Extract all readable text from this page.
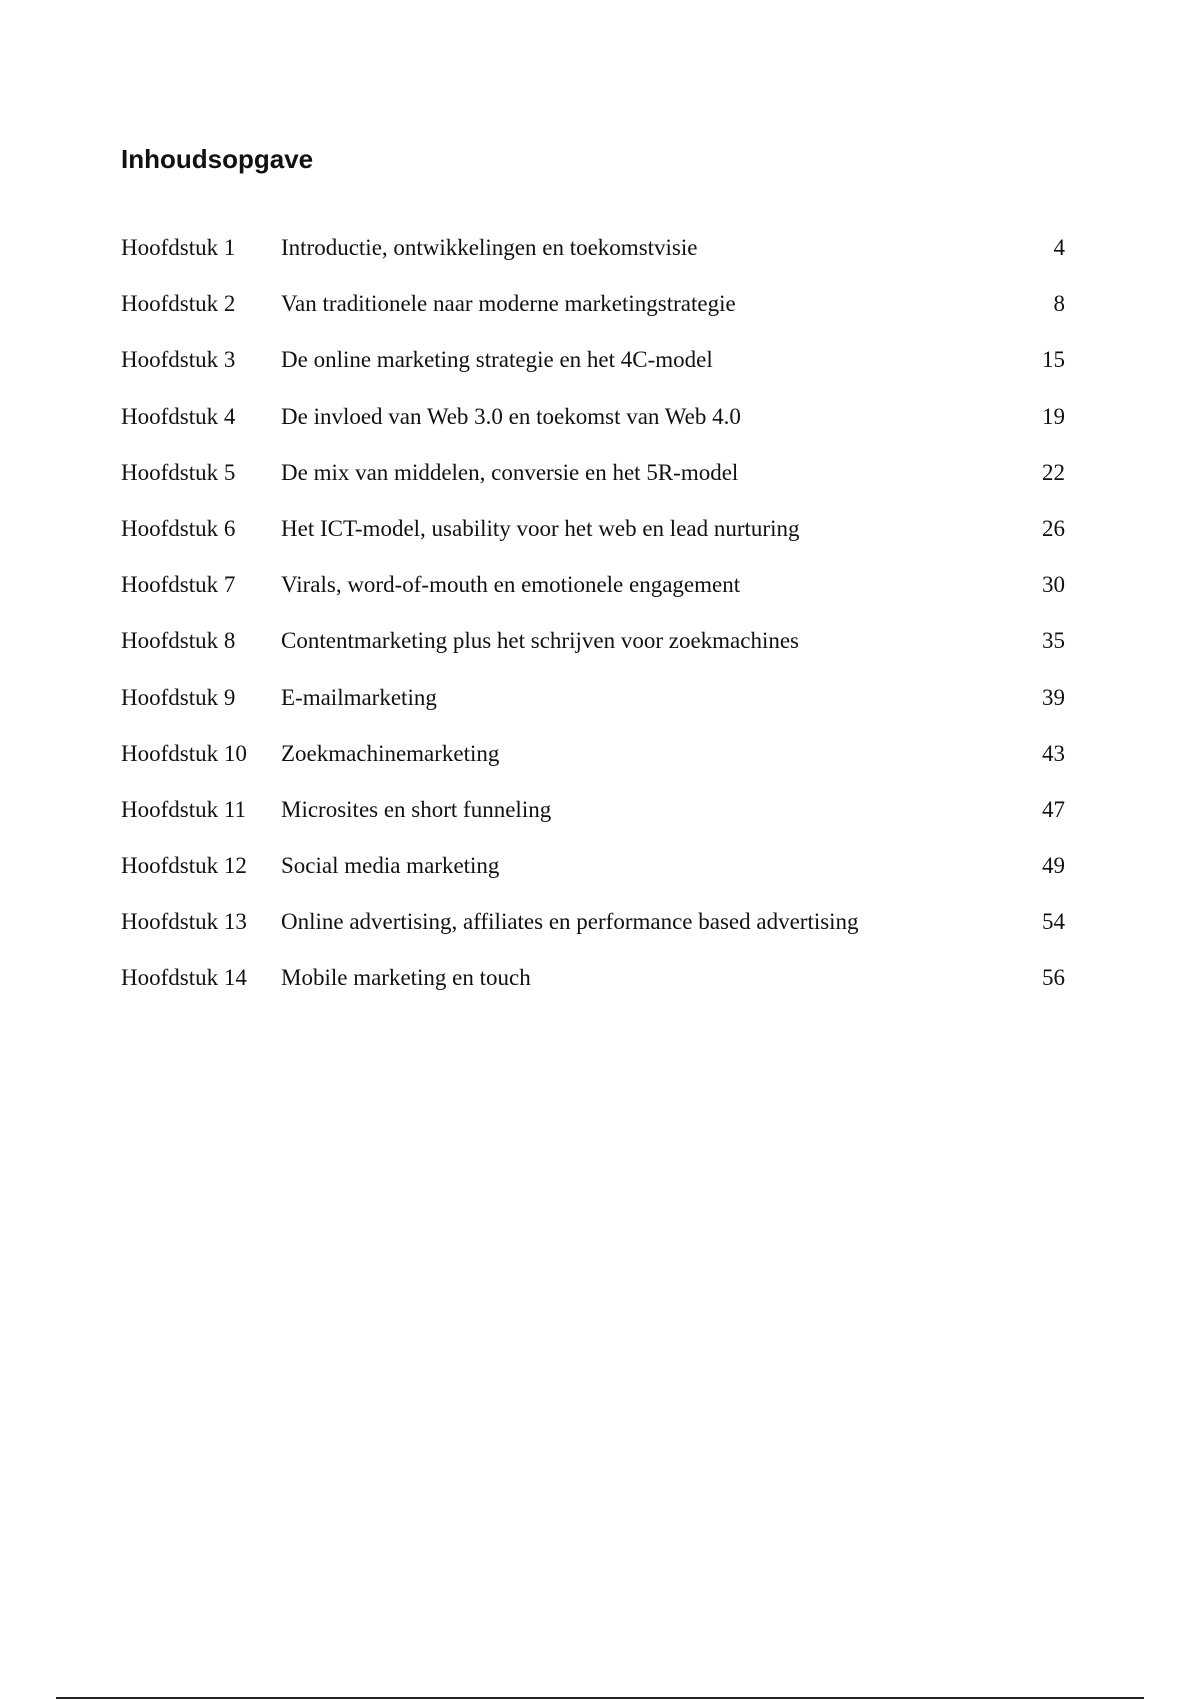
Inhoudsopgave
Hoofdstuk 1 Introductie, ontwikkelingen en toekomstvisie	4
Hoofdstuk 2 Van traditionele naar moderne marketingstrategie	8
Hoofdstuk 3 De online marketing strategie en het 4C-model	15
Hoofdstuk 4 De invloed van Web 3.0 en toekomst van Web 4.0	19
Hoofdstuk 5 De mix van middelen, conversie en het 5R-model	22
Hoofdstuk 6 Het ICT-model, usability voor het web en lead nurturing	26
Hoofdstuk 7 Virals, word-of-mouth en emotionele engagement	30
Hoofdstuk 8 Contentmarketing plus het schrijven voor zoekmachines	35
Hoofdstuk 9 E-mailmarketing	39
Hoofdstuk 10 Zoekmachinemarketing	43
Hoofdstuk 11 Microsites en short funneling	47
Hoofdstuk 12 Social media marketing	49
Hoofdstuk 13 Online advertising, affiliates en performance based advertising	54
Hoofdstuk 14 Mobile marketing en touch	56
